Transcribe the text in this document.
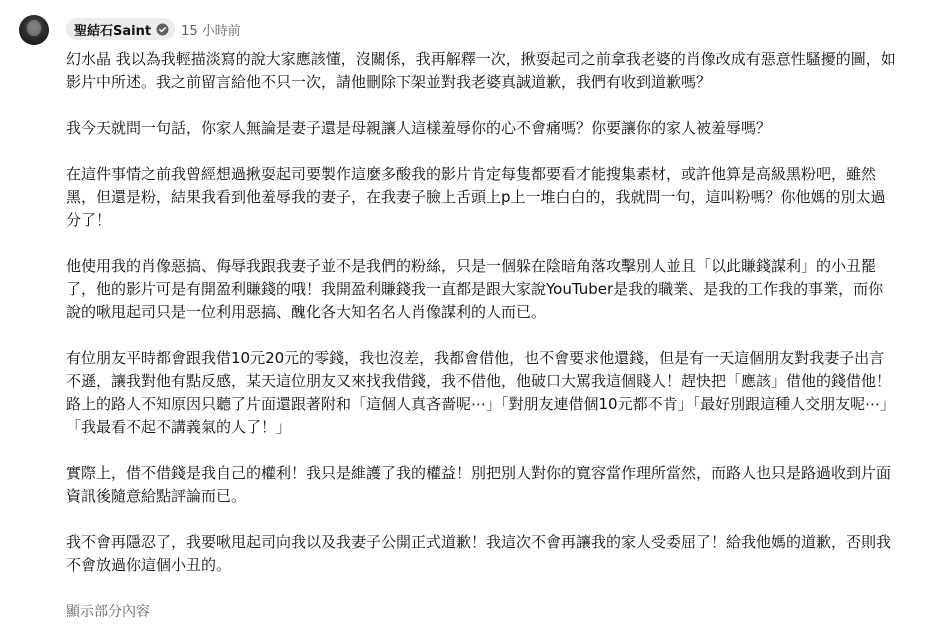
聖結石Saint 15 小時前

幻水晶 我以為我輕描淡寫的說大家應該懂，沒關係，我再解釋一次，揪耍起司之前拿我老婆的肖像改成有惡意性騷擾的圖，如影片中所述。我之前留言給他不只一次，請他刪除下架並對我老婆真誠道歉，我們有收到道歉嗎？

我今天就問一句話，你家人無論是妻子還是母親讓人這樣羞辱你的心不會痛嗎？你要讓你的家人被羞辱嗎？

在這件事情之前我曾經想過揪耍起司要製作這麼多酸我的影片肯定每隻都要看才能搜集素材，或許他算是高級黑粉吧，雖然黑，但還是粉，結果我看到他羞辱我的妻子，在我妻子臉上舌頭上p上一堆白白的，我就問一句，這叫粉嗎？你他媽的別太過分了！

他使用我的肖像惡搞、侮辱我跟我妻子並不是我們的粉絲，只是一個躲在陰暗角落攻擊別人並且「以此賺錢謀利」的小丑罷了，他的影片可是有開盈利賺錢的哦！我開盈利賺錢我一直都是跟大家說YouTuber是我的職業、是我的工作我的事業，而你說的啾甩起司只是一位利用惡搞、醜化各大知名名人肖像謀利的人而已。

有位朋友平時都會跟我借10元20元的零錢，我也沒差，我都會借他，也不會要求他還錢，但是有一天這個朋友對我妻子出言不遜，讓我對他有點反感，某天這位朋友又來找我借錢，我不借他，他破口大罵我這個賤人！趕快把「應該」借他的錢借他！路上的路人不知原因只聽了片面還跟著附和「這個人真吝嗇呢⋯」「對朋友連借個10元都不肯」「最好別跟這種人交朋友呢⋯」「我最看不起不講義氣的人了！」

實際上，借不借錢是我自己的權利！我只是維護了我的權益！別把別人對你的寬容當作理所當然，而路人也只是路過收到片面資訊後隨意給點評論而已。

我不會再隱忍了，我要啾甩起司向我以及我妻子公開正式道歉！我這次不會再讓我的家人受委屈了！給我他媽的道歉，否則我不會放過你這個小丑的。

顯示部分內容
